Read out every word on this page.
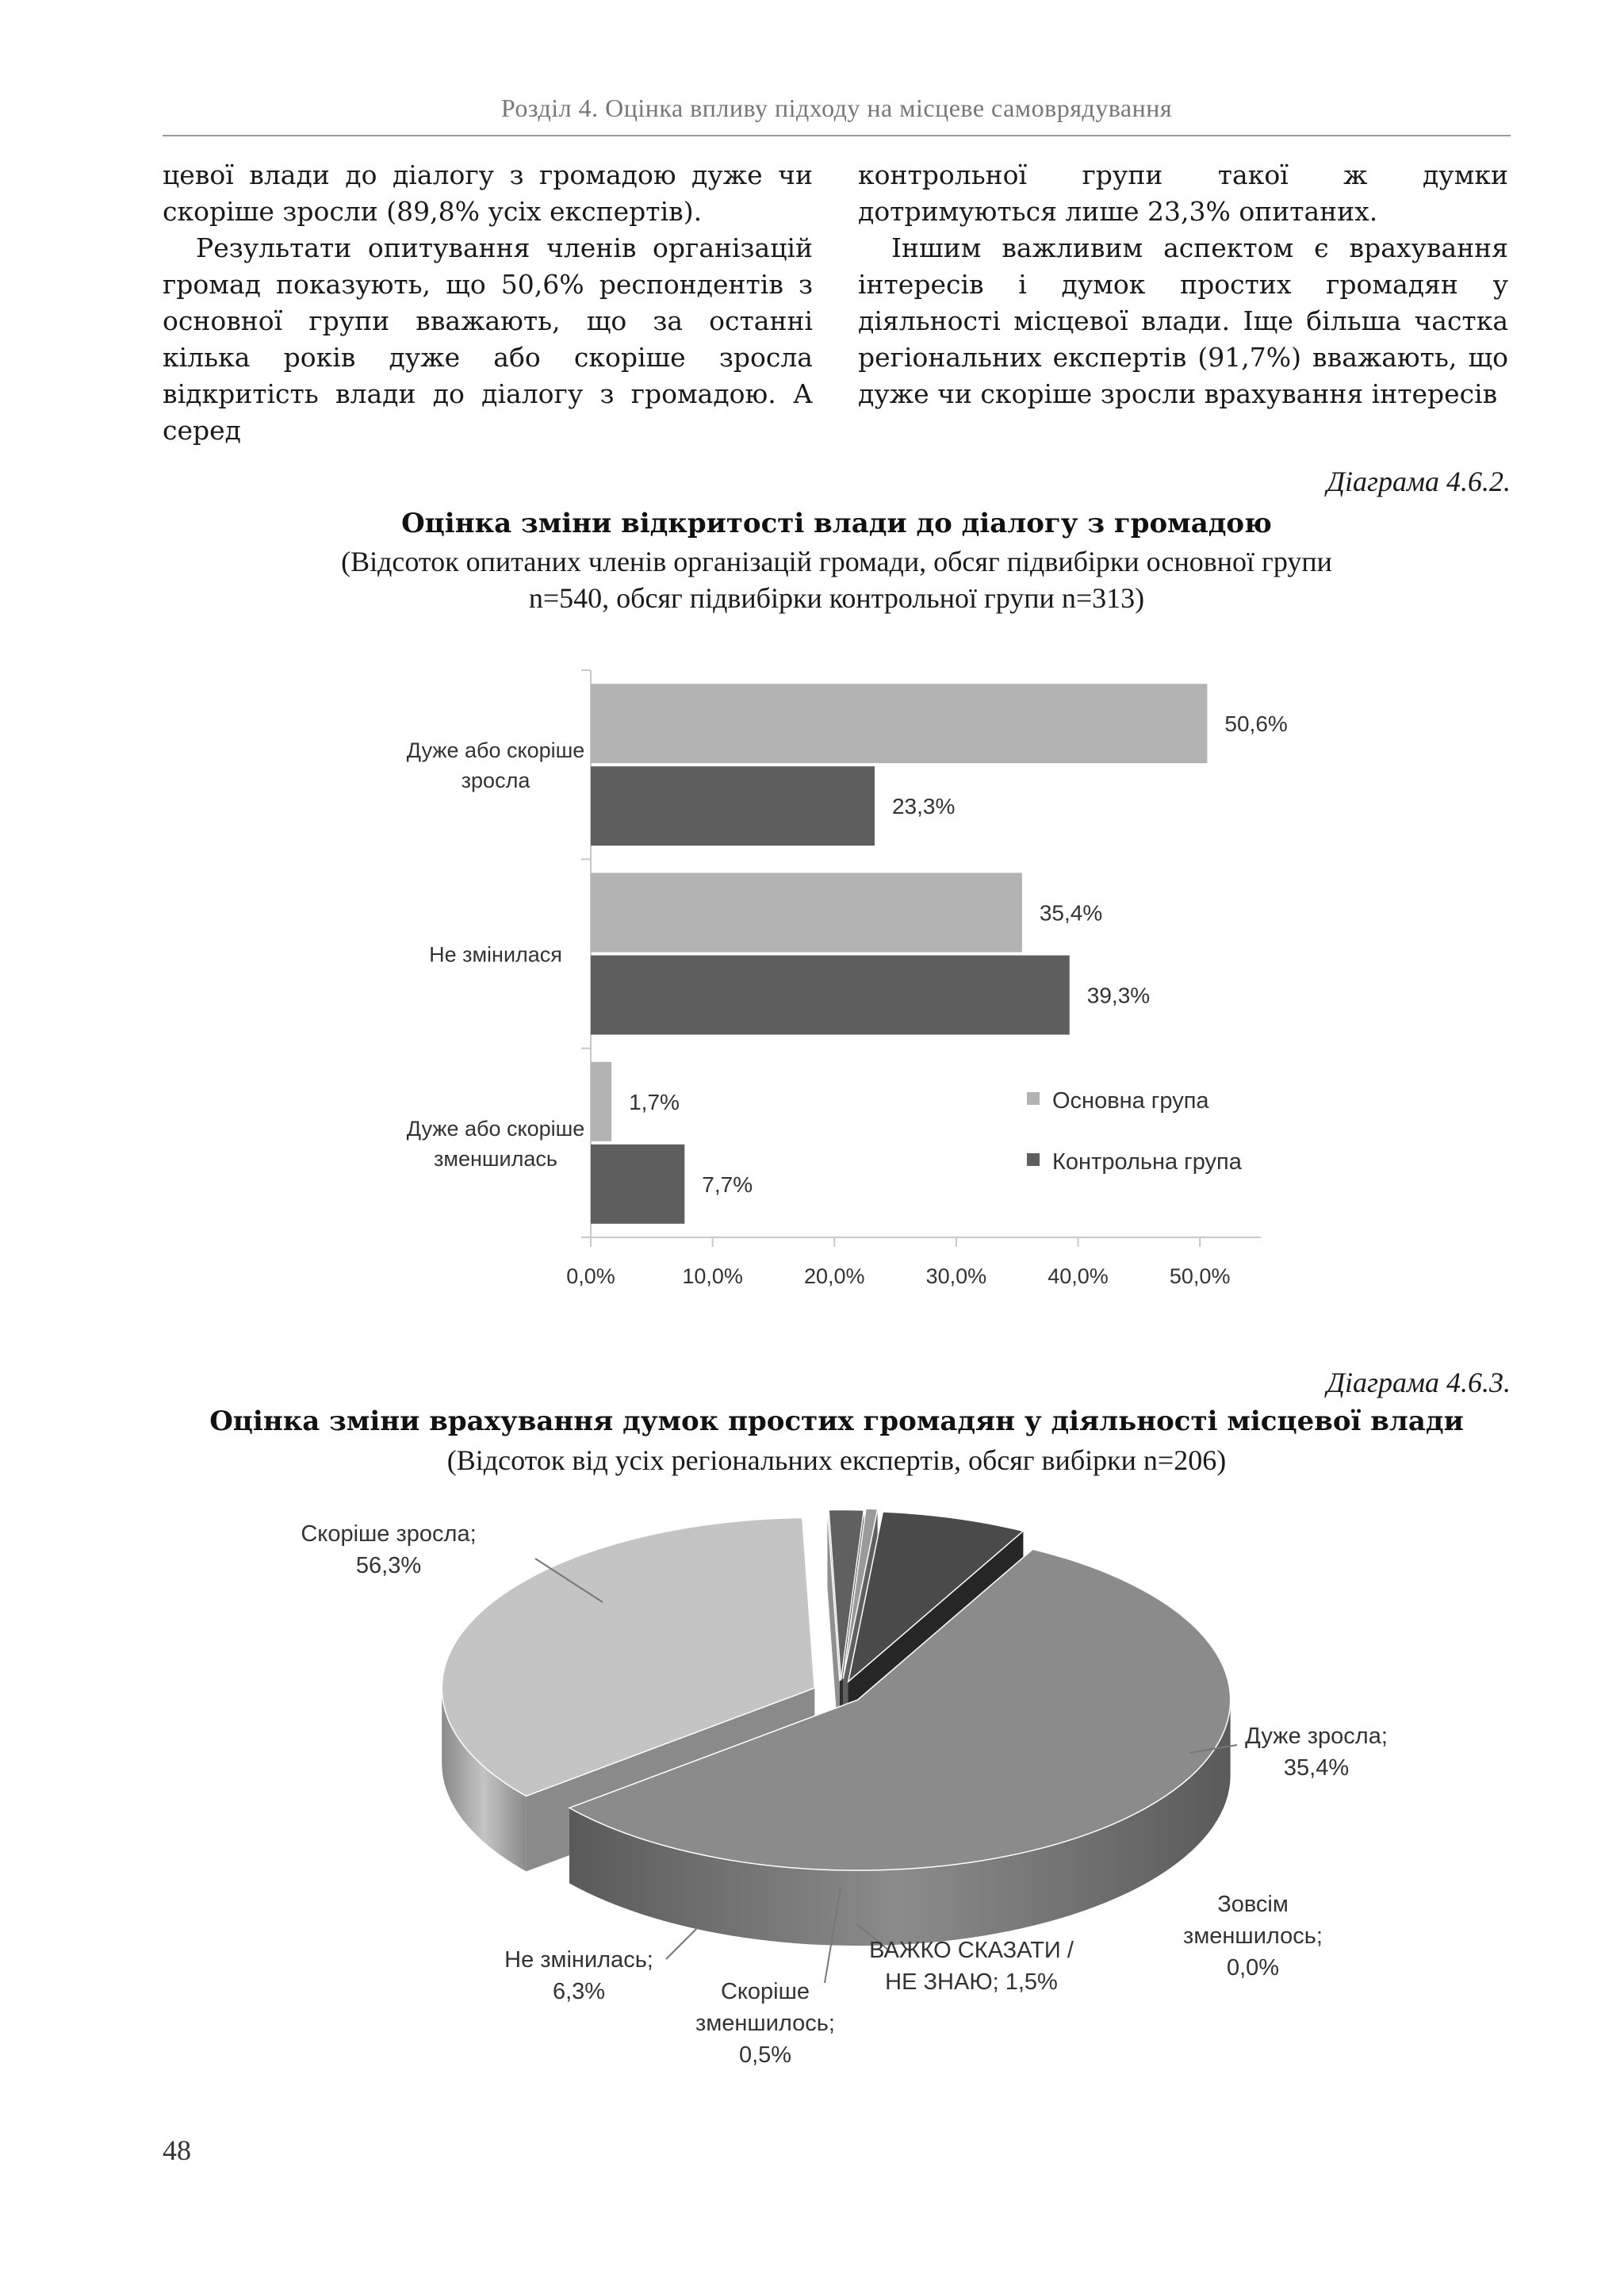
Розділ 4. Оцінка впливу підходу на місцеве самоврядування

цевої влади до діалогу з громадою дуже чи скоріше зросли (89,8% усіх експертів).

Результати опитування членів організацій громад показують, що 50,6% респондентів з основної групи вважають, що за останні кілька років дуже або скоріше зросла відкритість влади до діалогу з громадою. А серед

контрольної групи такої ж думки дотримуються лише 23,3% опитаних.

Іншим важливим аспектом є врахування інтересів і думок простих громадян у діяльності місцевої влади. Іще більша частка регіональних експертів (91,7%) вважають, що дуже чи скоріше зросли врахування інтересів

Діаграма 4.6.2.
Оцінка зміни відкритості влади до діалогу з громадою
(Відсоток опитаних членів організацій громади, обсяг підвибірки основної групи
n=540, обсяг підвибірки контрольної групи n=313)
0,0%	10,0%	20,0%	30,0%	40,0%	50,0%
50,6%
23,3%
Дуже або скоріше
зросла
35,4%
39,3%
Не змінилася
1,7%
7,7%
Дуже або скоріше
зменшилась
Основна група
Контрольна група
Діаграма 4.6.3.
Оцінка зміни врахування думок простих громадян у діяльності місцевої влади
(Відсоток від усіх регіональних експертів, обсяг вибірки n=206)
Скоріше зросла;
56,3%
Дуже зросла;
35,4%
Зовсім
зменшилось;
0,0%
ВАЖКО СКАЗАТИ /
НЕ ЗНАЮ; 1,5%
Скоріше
зменшилось;
0,5%
Не змінилась;
6,3%
48
